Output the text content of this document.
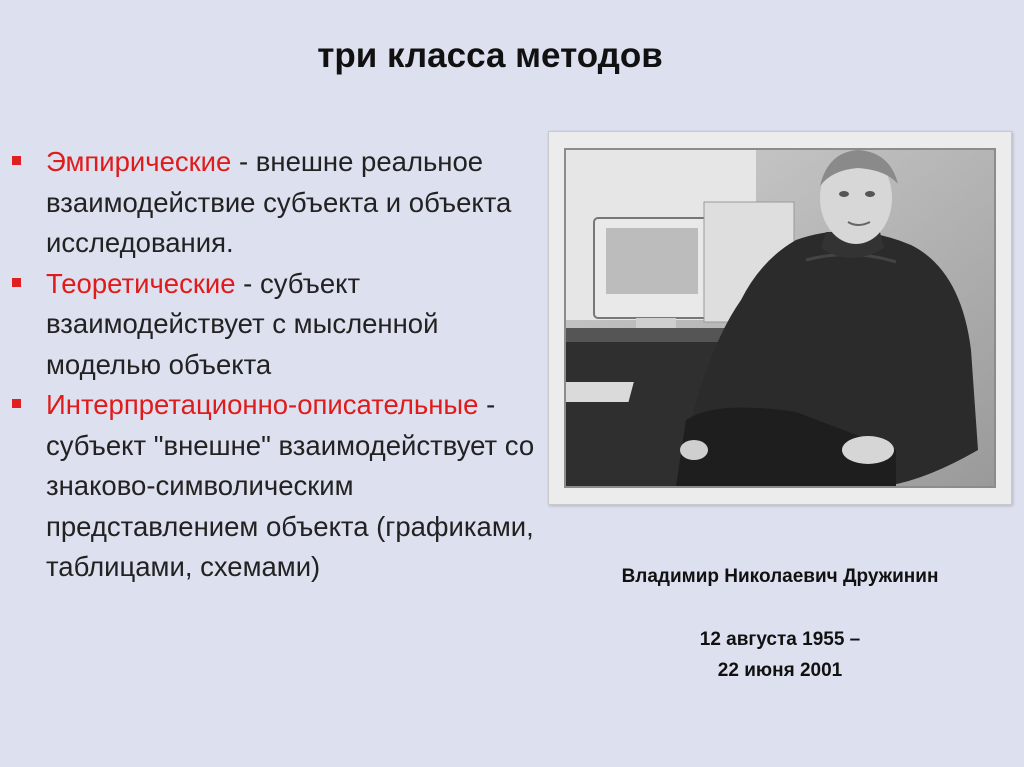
три класса методов
Эмпирические - внешне реальное взаимодействие субъекта и объекта исследования.
Теоретические - субъект взаимодействует с мысленной моделью объекта
Интерпретационно-описательные - субъект "внешне" взаимодействует со знаково-символическим представлением объекта (графиками, таблицами, схемами)	Владимир Николаевич Дружинин
12 августа 1955 –
22 июня 2001
